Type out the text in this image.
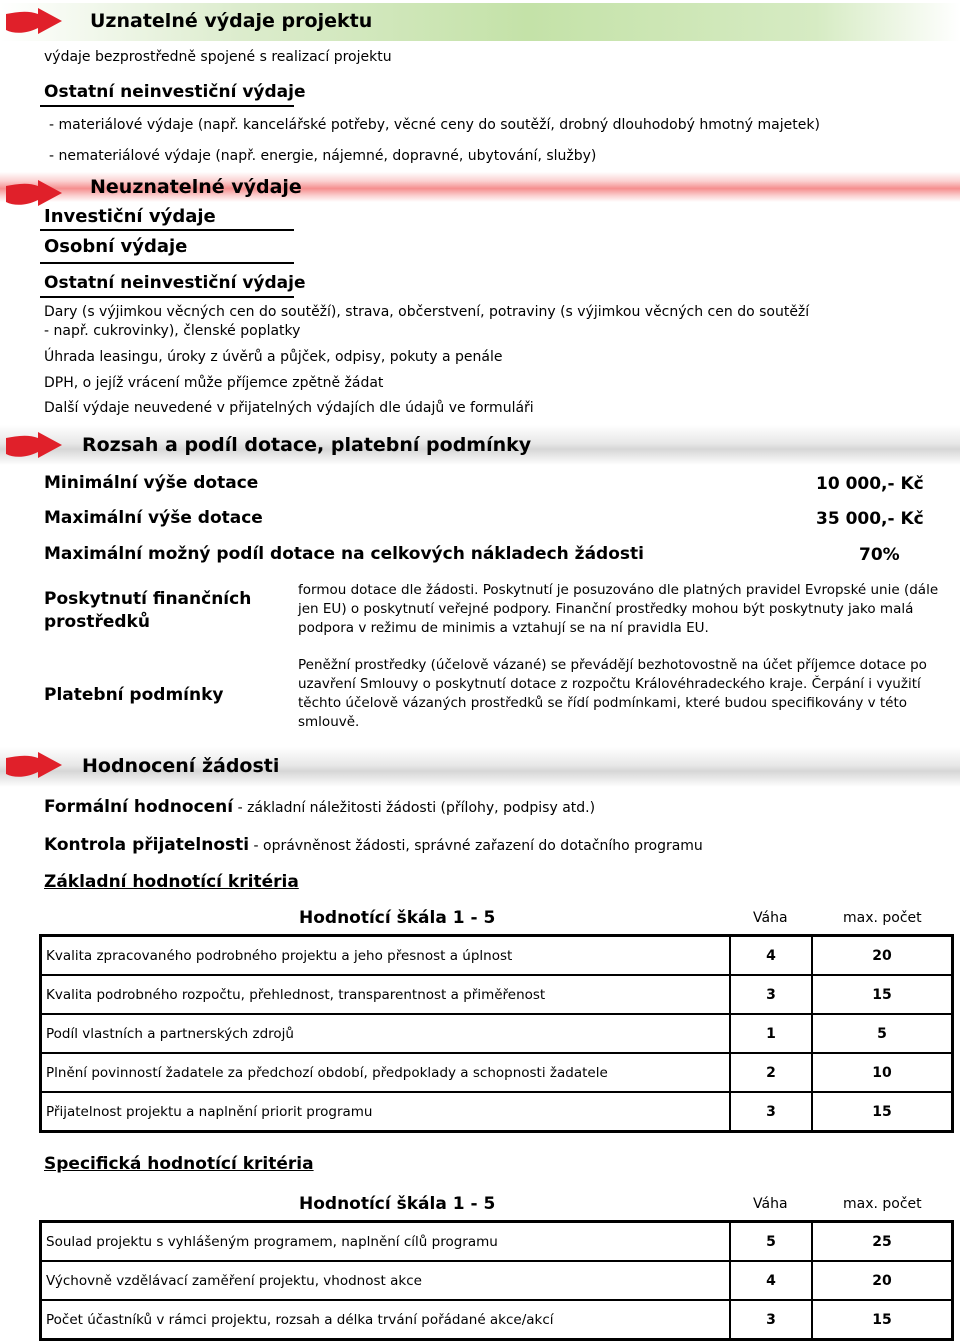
Uznatelné výdaje projektu
výdaje bezprostředně spojené s realizací projektu
Ostatní neinvestiční výdaje
- materiálové výdaje (např. kancelářské potřeby, věcné ceny do soutěží, drobný dlouhodobý hmotný majetek)
- nemateriálové výdaje (např. energie, nájemné, dopravné, ubytování, služby)
Neuznatelné výdaje
Investiční výdaje
Osobní výdaje
Ostatní neinvestiční výdaje
Dary (s výjimkou věcných cen do soutěží), strava, občerstvení, potraviny (s výjimkou věcných cen do soutěží
- např. cukrovinky), členské poplatky
Úhrada leasingu, úroky z úvěrů a půjček, odpisy, pokuty a penále
DPH, o jejíž vrácení může příjemce zpětně žádat
Další výdaje neuvedené v přijatelných výdajích dle údajů ve formuláři
Rozsah a podíl dotace, platební podmínky
Minimální výše dotace	10 000,- Kč
Maximální výše dotace	35 000,- Kč
Maximální možný podíl dotace na celkových nákladech žádosti	70%
Poskytnutí finančních
prostředků
formou dotace dle žádosti. Poskytnutí je posuzováno dle platných pravidel Evropské unie (dále jen EU) o poskytnutí veřejné podpory. Finanční prostředky mohou být poskytnuty jako malá podpora v režimu de minimis a vztahují se na ní pravidla EU.
Platební podmínky
Peněžní prostředky (účelově vázané) se převádějí bezhotovostně na účet příjemce dotace po uzavření Smlouvy o poskytnutí dotace z rozpočtu Královéhradeckého kraje. Čerpání i využití těchto účelově vázaných prostředků se řídí podmínkami, které budou specifikovány v této smlouvě.
Hodnocení žádosti
Formální hodnocení - základní náležitosti žádosti (přílohy, podpisy atd.)
Kontrola přijatelnosti - oprávněnost žádosti, správné zařazení do dotačního programu
Základní hodnotící kritéria
Hodnotící škála 1 - 5	Váha	max. počet
Kvalita zpracovaného podrobného projektu a jeho přesnost a úplnost	4	20
Kvalita podrobného rozpočtu, přehlednost, transparentnost a přiměřenost	3	15
Podíl vlastních a partnerských zdrojů	1	5
Plnění povinností žadatele za předchozí období, předpoklady a schopnosti žadatele	2	10
Přijatelnost projektu a naplnění priorit programu	3	15
Specifická hodnotící kritéria
Hodnotící škála 1 - 5	Váha	max. počet
Soulad projektu s vyhlášeným programem, naplnění cílů programu	5	25
Výchovně vzdělávací zaměření projektu, vhodnost akce	4	20
Počet účastníků v rámci projektu, rozsah a délka trvání pořádané akce/akcí	3	15
